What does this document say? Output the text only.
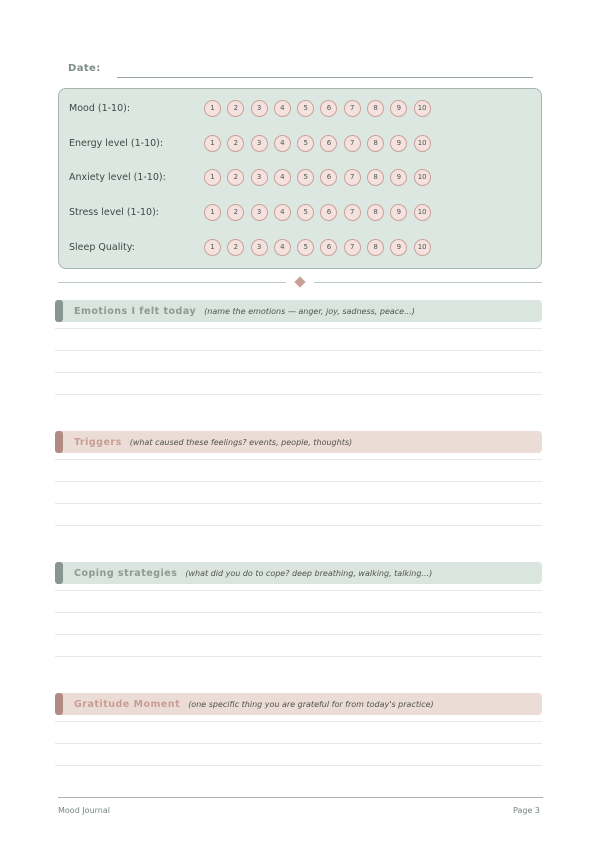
Date:
Mood (1-10):	1	2	3	4	5	6	7	8	9	10
Energy level (1-10):	1	2	3	4	5	6	7	8	9	10
Anxiety level (1-10):	1	2	3	4	5	6	7	8	9	10
Stress level (1-10):	1	2	3	4	5	6	7	8	9	10
Sleep Quality:	1	2	3	4	5	6	7	8	9	10
Emotions I felt today (name the emotions — anger, joy, sadness, peace...)
Triggers (what caused these feelings? events, people, thoughts)
Coping strategies (what did you do to cope? deep breathing, walking, talking...)
Gratitude Moment (one specific thing you are grateful for from today's practice)
Mood Journal	Page 3
